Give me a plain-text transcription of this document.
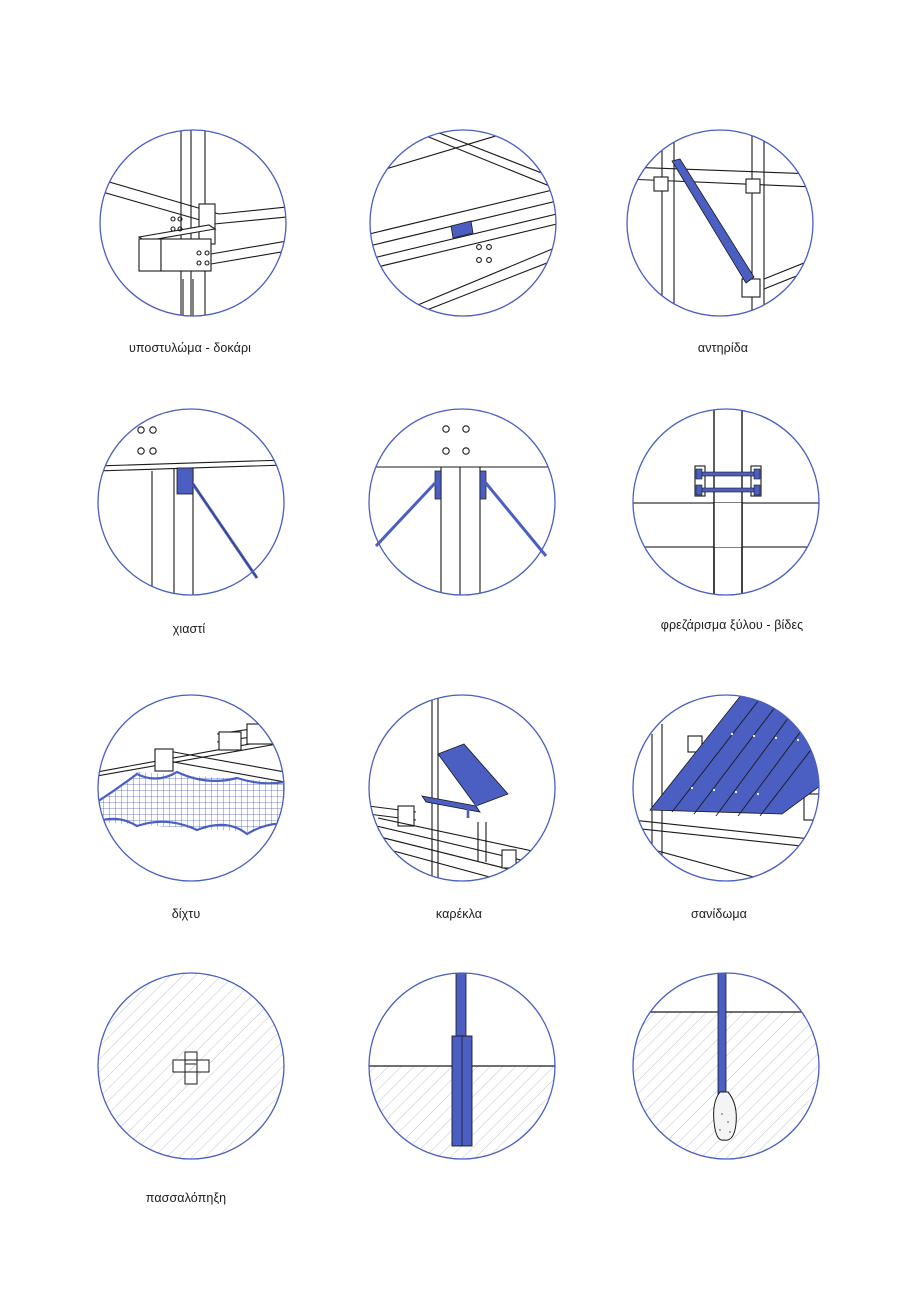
υποστυλώμα - δοκάρι	αντηρίδα
χιαστί	φρεζάρισμα ξύλου - βίδες
δίχτυ	καρέκλα	σανίδωμα
πασσαλόπηξη
